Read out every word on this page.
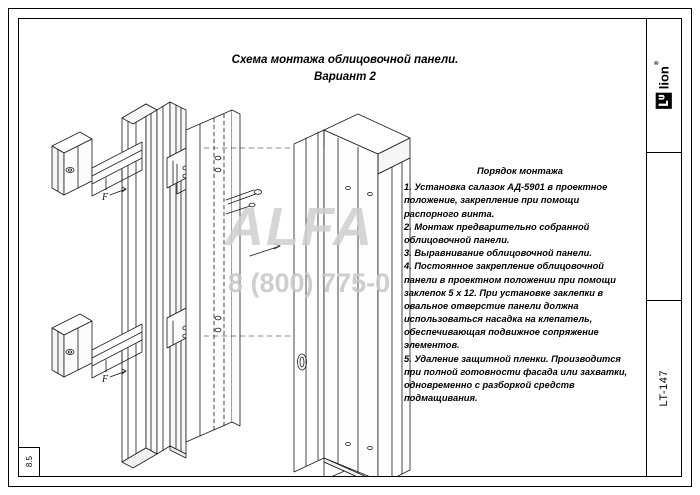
F
F
ALFA
8 (800) 775-0
Схема монтажа облицовочной панели.
Вариант 2
Порядок монтажа

1. Установка салазок АД-5901 в проектное положение, закрепление при помощи распорного винта.

2. Монтаж предварительно собранной облицовочной панели.

3. Выравнивание облицовочной панели.

4. Постоянное закрепление облицовочной панели в проектном положении при помощи заклепок 5 х 12. При установке заклепки в овальное отверстие панели должна использоваться насадка на клепатель, обеспечивающая подвижное сопряжение элементов.

5. Удаление защитной пленки. Производится при полной готовности фасада или захватки, одновременно с разборкой средств подмащивания.

8.5
LT-147
lion®
